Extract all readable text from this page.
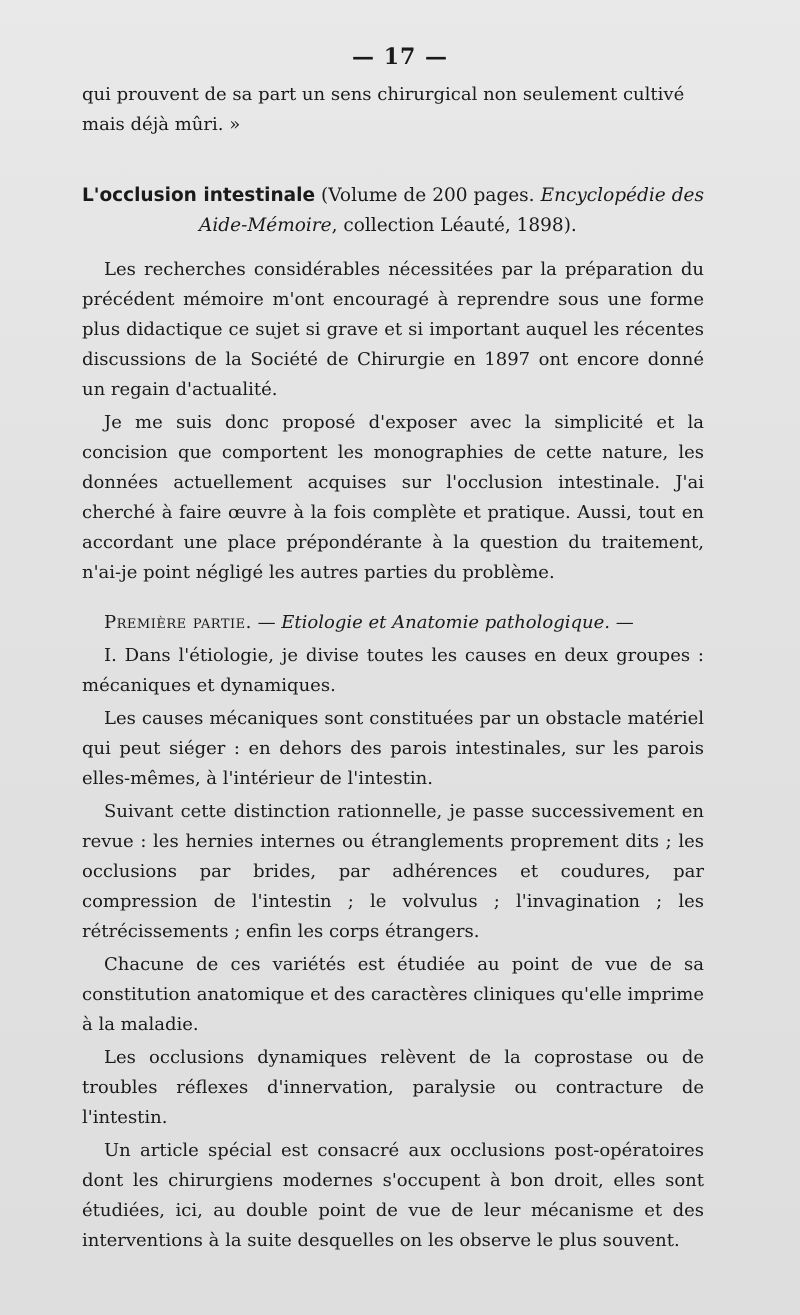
— 17 —

qui prouvent de sa part un sens chirurgical non seulement cultivé mais déjà mûri. »

L'occlusion intestinale (Volume de 200 pages. Encyclopédie des
Aide-Mémoire, collection Léauté, 1898).

Les recherches considérables nécessitées par la préparation du précédent mémoire m'ont encouragé à reprendre sous une forme plus didactique ce sujet si grave et si important auquel les récentes discussions de la Société de Chirurgie en 1897 ont encore donné un regain d'actualité.

Je me suis donc proposé d'exposer avec la simplicité et la concision que comportent les monographies de cette nature, les données actuellement acquises sur l'occlusion intestinale. J'ai cherché à faire œuvre à la fois complète et pratique. Aussi, tout en accordant une place prépondérante à la question du traitement, n'ai-je point négligé les autres parties du problème.

Première partie. — Etiologie et Anatomie pathologique. —

I. Dans l'étiologie, je divise toutes les causes en deux groupes : mécaniques et dynamiques.

Les causes mécaniques sont constituées par un obstacle matériel qui peut siéger : en dehors des parois intestinales, sur les parois elles-mêmes, à l'intérieur de l'intestin.

Suivant cette distinction rationnelle, je passe successivement en revue : les hernies internes ou étranglements proprement dits ; les occlusions par brides, par adhérences et coudures, par compression de l'intestin ; le volvulus ; l'invagination ; les rétrécissements ; enfin les corps étrangers.

Chacune de ces variétés est étudiée au point de vue de sa constitution anatomique et des caractères cliniques qu'elle imprime à la maladie.

Les occlusions dynamiques relèvent de la coprostase ou de troubles réflexes d'innervation, paralysie ou contracture de l'intestin.

Un article spécial est consacré aux occlusions post-opératoires dont les chirurgiens modernes s'occupent à bon droit, elles sont étudiées, ici, au double point de vue de leur mécanisme et des interventions à la suite desquelles on les observe le plus souvent.
